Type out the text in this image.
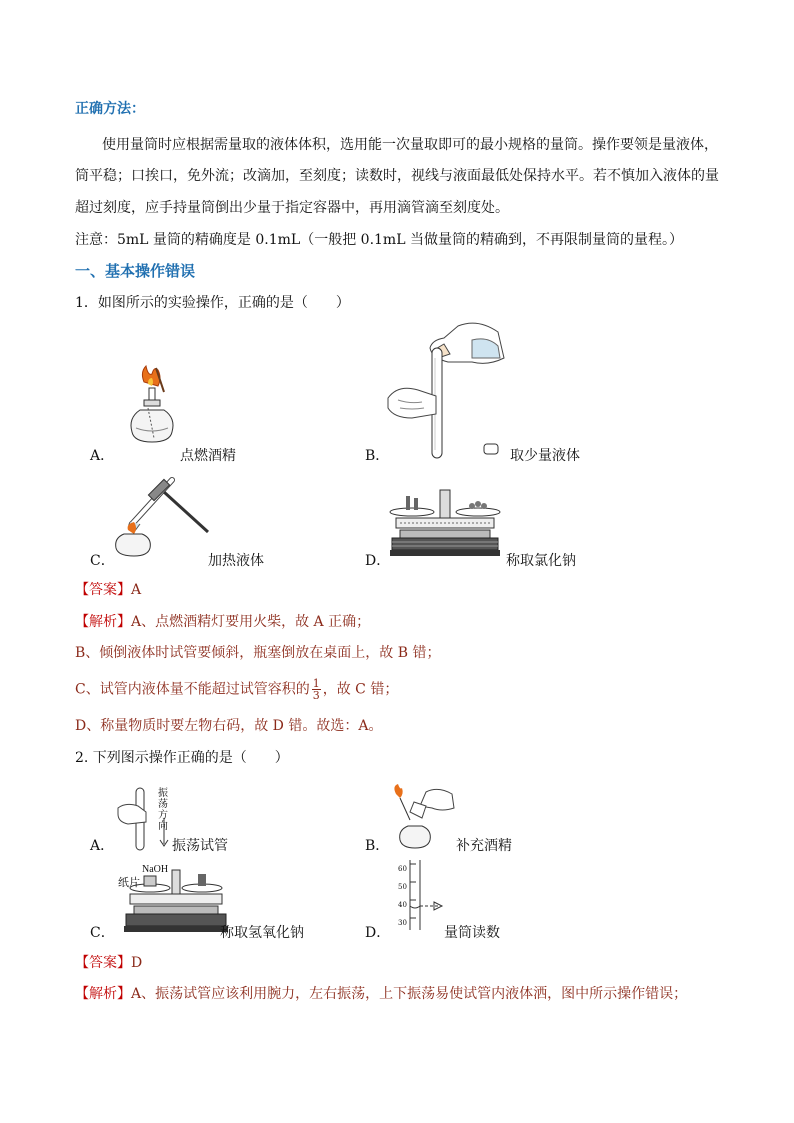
正确方法：
使用量筒时应根据需量取的液体体积，选用能一次量取即可的最小规格的量筒。操作要领是量液体，
筒平稳；口挨口，免外流；改滴加，至刻度；读数时，视线与液面最低处保持水平。若不慎加入液体的量
超过刻度，应手持量筒倒出少量于指定容器中，再用滴管滴至刻度处。
注意：5mL 量筒的精确度是 0.1mL（一般把 0.1mL 当做量筒的精确到，不再限制量筒的量程。）
一、基本操作错误
1．如图所示的实验操作，正确的是（　　）
A．	点燃酒精	B．	取少量液体
C．	加热液体	D．	称取氯化钠
【答案】A
【解析】A、点燃酒精灯要用火柴，故 A 正确；
B、倾倒液体时试管要倾斜，瓶塞倒放在桌面上，故 B 错；
C、试管内液体量不能超过试管容积的 $\frac{1}{3}$ ，故 C 错；
D、称量物质时要左物右码，故 D 错。故选：A。
2. 下列图示操作正确的是（　　）
振
荡
方
向
A．	振荡试管	B．	补充酒精
纸片
NaOH
C．	称取氢氧化钠
60
50
40
30
D．	量筒读数
【答案】D
【解析】A、振荡试管应该利用腕力，左右振荡，上下振荡易使试管内液体洒，图中所示操作错误；
